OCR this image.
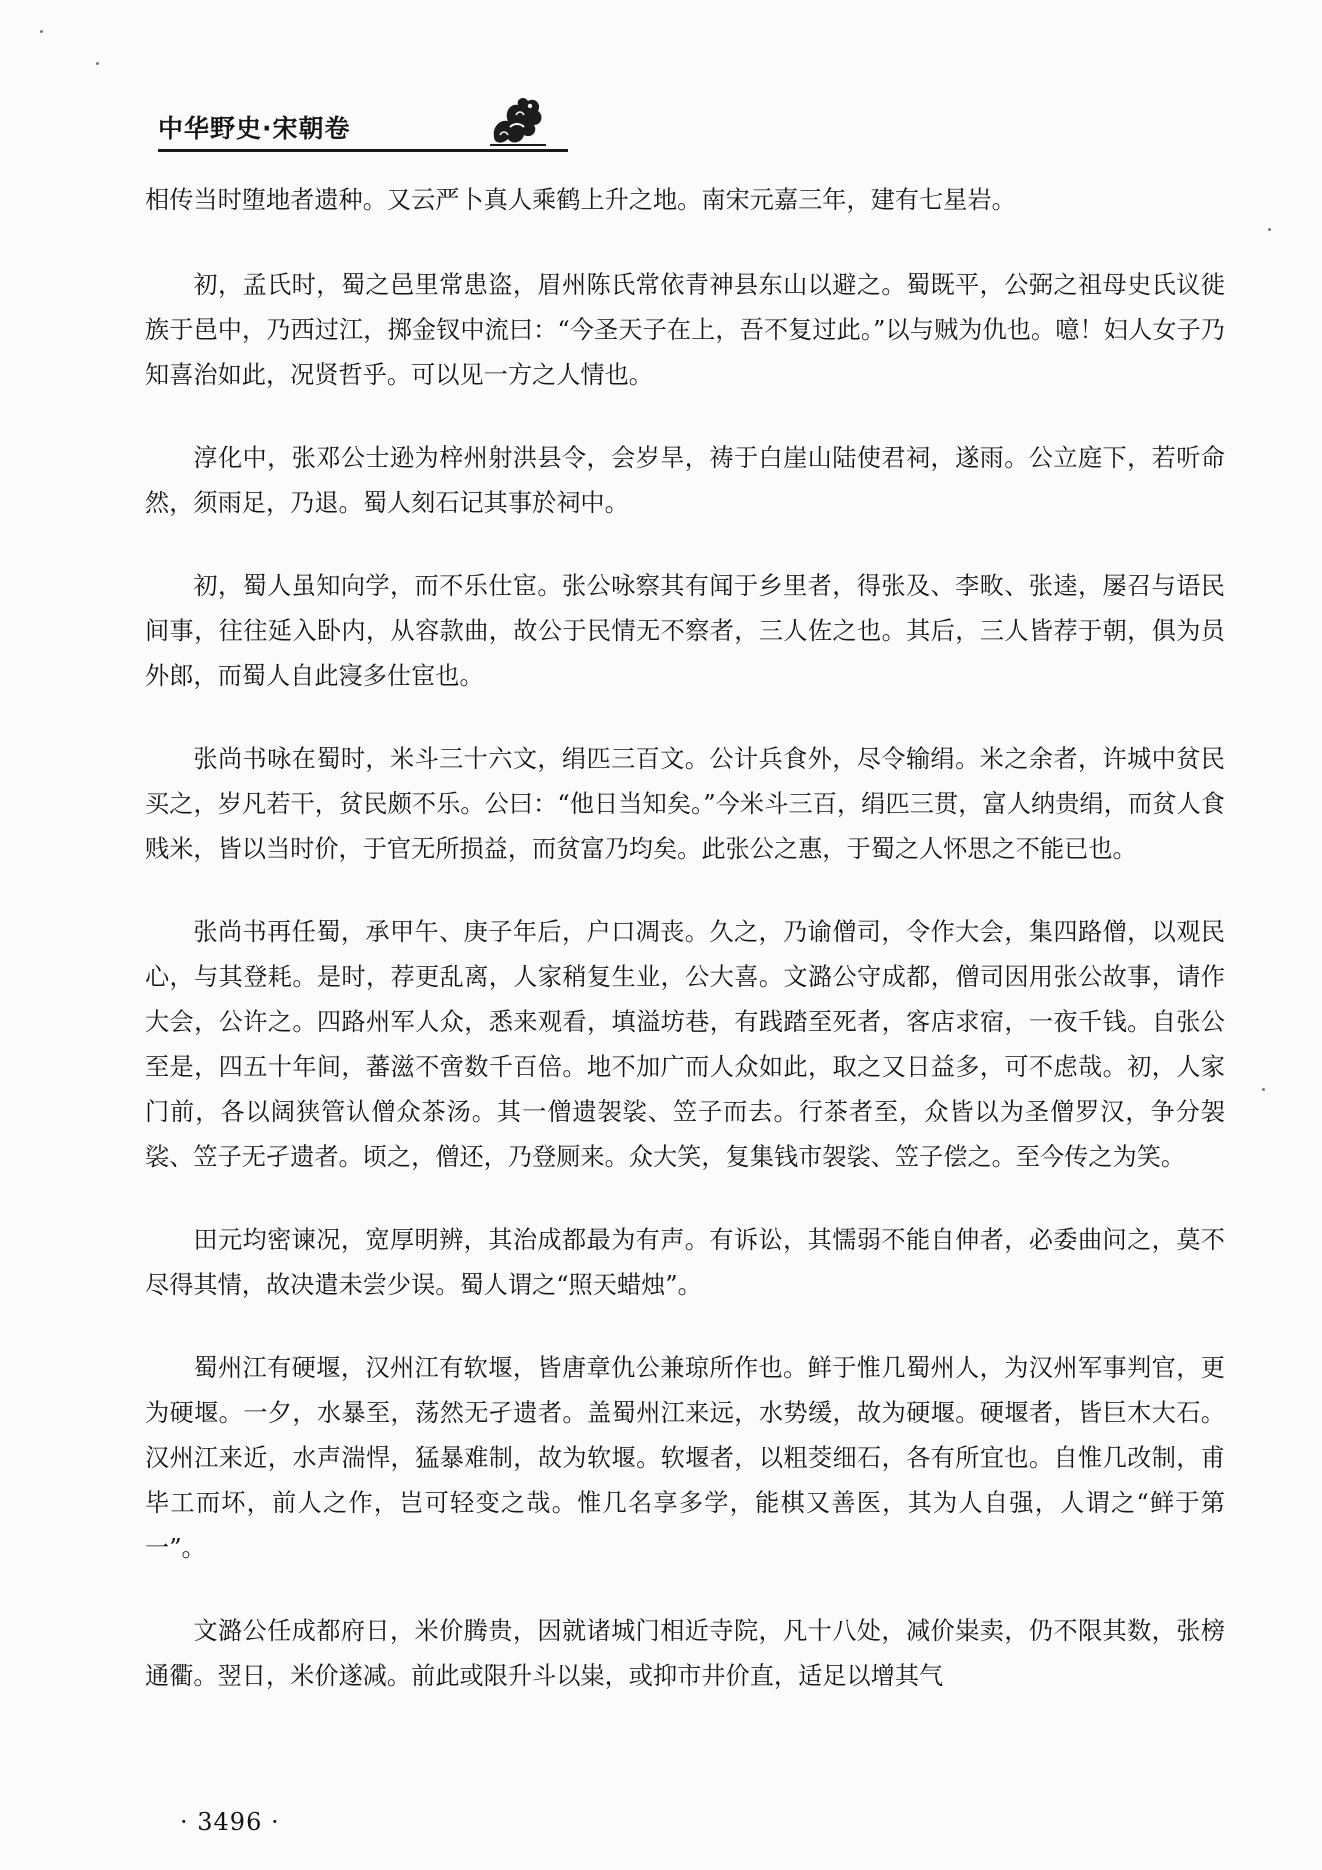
中华野史·宋朝卷

相传当时堕地者遗种。又云严卜真人乘鹤上升之地。南宋元嘉三年，建有七星岩。

初，孟氏时，蜀之邑里常患盗，眉州陈氏常依青神县东山以避之。蜀既平，公弼之祖母史氏议徙族于邑中，乃西过江，掷金钗中流曰：“今圣天子在上，吾不复过此。”以与贼为仇也。噫！妇人女子乃知喜治如此，况贤哲乎。可以见一方之人情也。

淳化中，张邓公士逊为梓州射洪县令，会岁旱，祷于白崖山陆使君祠，遂雨。公立庭下，若听命然，须雨足，乃退。蜀人刻石记其事於祠中。

初，蜀人虽知向学，而不乐仕宦。张公咏察其有闻于乡里者，得张及、李畋、张逵，屡召与语民间事，往往延入卧内，从容款曲，故公于民情无不察者，三人佐之也。其后，三人皆荐于朝，俱为员外郎，而蜀人自此寖多仕宦也。

张尚书咏在蜀时，米斗三十六文，绢匹三百文。公计兵食外，尽令输绢。米之余者，许城中贫民买之，岁凡若干，贫民颇不乐。公曰：“他日当知矣。”今米斗三百，绢匹三贯，富人纳贵绢，而贫人食贱米，皆以当时价，于官无所损益，而贫富乃均矣。此张公之惠，于蜀之人怀思之不能已也。

张尚书再任蜀，承甲午、庚子年后，户口凋丧。久之，乃谕僧司，令作大会，集四路僧，以观民心，与其登耗。是时，荐更乱离，人家稍复生业，公大喜。文潞公守成都，僧司因用张公故事，请作大会，公许之。四路州军人众，悉来观看，填溢坊巷，有践踏至死者，客店求宿，一夜千钱。自张公至是，四五十年间，蕃滋不啻数千百倍。地不加广而人众如此，取之又日益多，可不虑哉。初，人家门前，各以阔狭管认僧众茶汤。其一僧遗袈裟、笠子而去。行茶者至，众皆以为圣僧罗汉，争分袈裟、笠子无孑遗者。顷之，僧还，乃登厕来。众大笑，复集钱市袈裟、笠子偿之。至今传之为笑。

田元均密谏况，宽厚明辨，其治成都最为有声。有诉讼，其懦弱不能自伸者，必委曲问之，莫不尽得其情，故决遣未尝少误。蜀人谓之“照天蜡烛”。

蜀州江有硬堰，汉州江有软堰，皆唐章仇公兼琼所作也。鲜于惟几蜀州人，为汉州军事判官，更为硬堰。一夕，水暴至，荡然无孑遗者。盖蜀州江来远，水势缓，故为硬堰。硬堰者，皆巨木大石。汉州江来近，水声湍悍，猛暴难制，故为软堰。软堰者，以粗茭细石，各有所宜也。自惟几改制，甫毕工而坏，前人之作，岂可轻变之哉。惟几名享多学，能棋又善医，其为人自强，人谓之“鲜于第一”。

文潞公任成都府日，米价腾贵，因就诸城门相近寺院，凡十八处，减价粜卖，仍不限其数，张榜通衢。翌日，米价遂减。前此或限升斗以粜，或抑市井价直，适足以增其气

· 3496 ·
